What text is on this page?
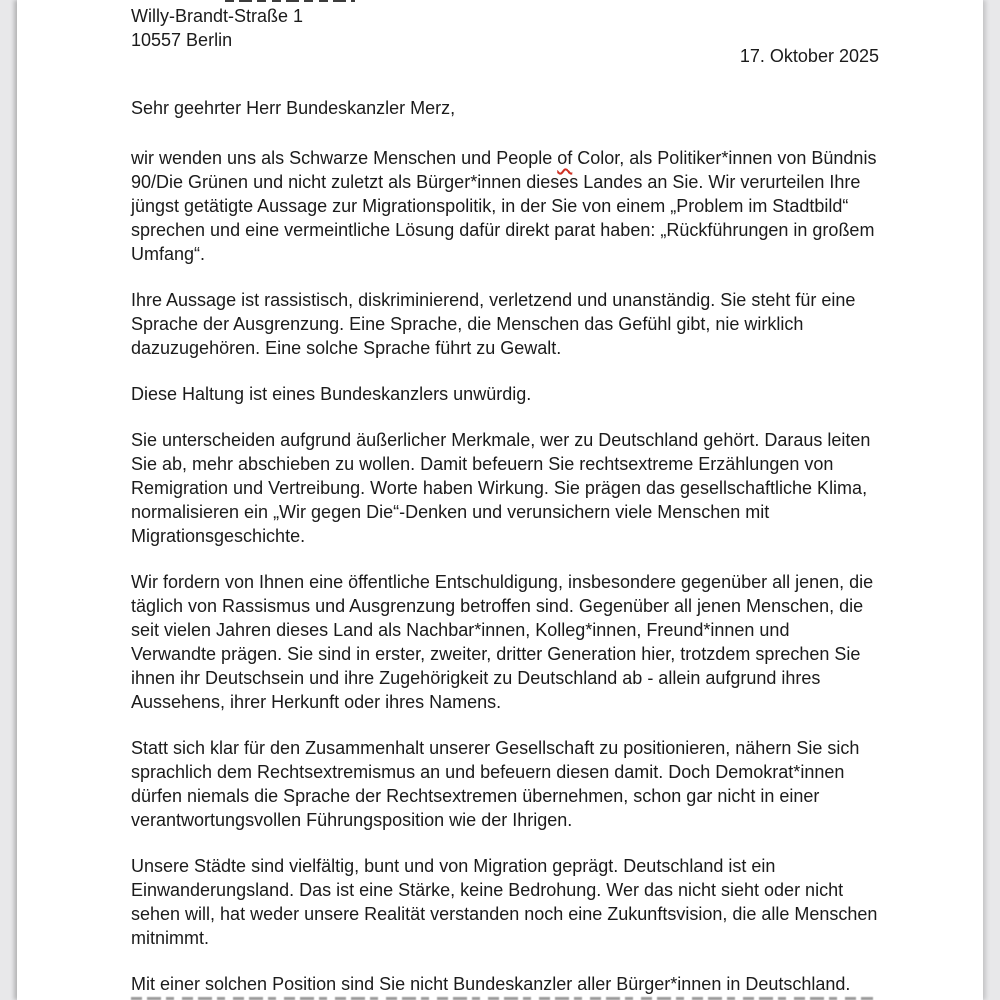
Willy-Brandt-Straße 1
10557 Berlin
17. Oktober 2025
Sehr geehrter Herr Bundeskanzler Merz,

wir wenden uns als Schwarze Menschen und People of Color, als Politiker*innen von Bündnis 90/Die Grünen und nicht zuletzt als Bürger*innen dieses Landes an Sie. Wir verurteilen Ihre jüngst getätigte Aussage zur Migrationspolitik, in der Sie von einem „Problem im Stadtbild“ sprechen und eine vermeintliche Lösung dafür direkt parat haben: „Rückführungen in großem Umfang“.

Ihre Aussage ist rassistisch, diskriminierend, verletzend und unanständig. Sie steht für eine Sprache der Ausgrenzung. Eine Sprache, die Menschen das Gefühl gibt, nie wirklich dazuzugehören. Eine solche Sprache führt zu Gewalt.

Diese Haltung ist eines Bundeskanzlers unwürdig.

Sie unterscheiden aufgrund äußerlicher Merkmale, wer zu Deutschland gehört. Daraus leiten Sie ab, mehr abschieben zu wollen. Damit befeuern Sie rechtsextreme Erzählungen von Remigration und Vertreibung. Worte haben Wirkung. Sie prägen das gesellschaftliche Klima, normalisieren ein „Wir gegen Die“-Denken und verunsichern viele Menschen mit Migrationsgeschichte.

Wir fordern von Ihnen eine öffentliche Entschuldigung, insbesondere gegenüber all jenen, die täglich von Rassismus und Ausgrenzung betroffen sind. Gegenüber all jenen Menschen, die seit vielen Jahren dieses Land als Nachbar*innen, Kolleg*innen, Freund*innen und Verwandte prägen. Sie sind in erster, zweiter, dritter Generation hier, trotzdem sprechen Sie ihnen ihr Deutschsein und ihre Zugehörigkeit zu Deutschland ab - allein aufgrund ihres Aussehens, ihrer Herkunft oder ihres Namens.

Statt sich klar für den Zusammenhalt unserer Gesellschaft zu positionieren, nähern Sie sich sprachlich dem Rechtsextremismus an und befeuern diesen damit. Doch Demokrat*innen dürfen niemals die Sprache der Rechtsextremen übernehmen, schon gar nicht in einer verantwortungsvollen Führungsposition wie der Ihrigen.

Unsere Städte sind vielfältig, bunt und von Migration geprägt. Deutschland ist ein Einwanderungsland. Das ist eine Stärke, keine Bedrohung. Wer das nicht sieht oder nicht sehen will, hat weder unsere Realität verstanden noch eine Zukunftsvision, die alle Menschen mitnimmt.

Mit einer solchen Position sind Sie nicht Bundeskanzler aller Bürger*innen in Deutschland.
